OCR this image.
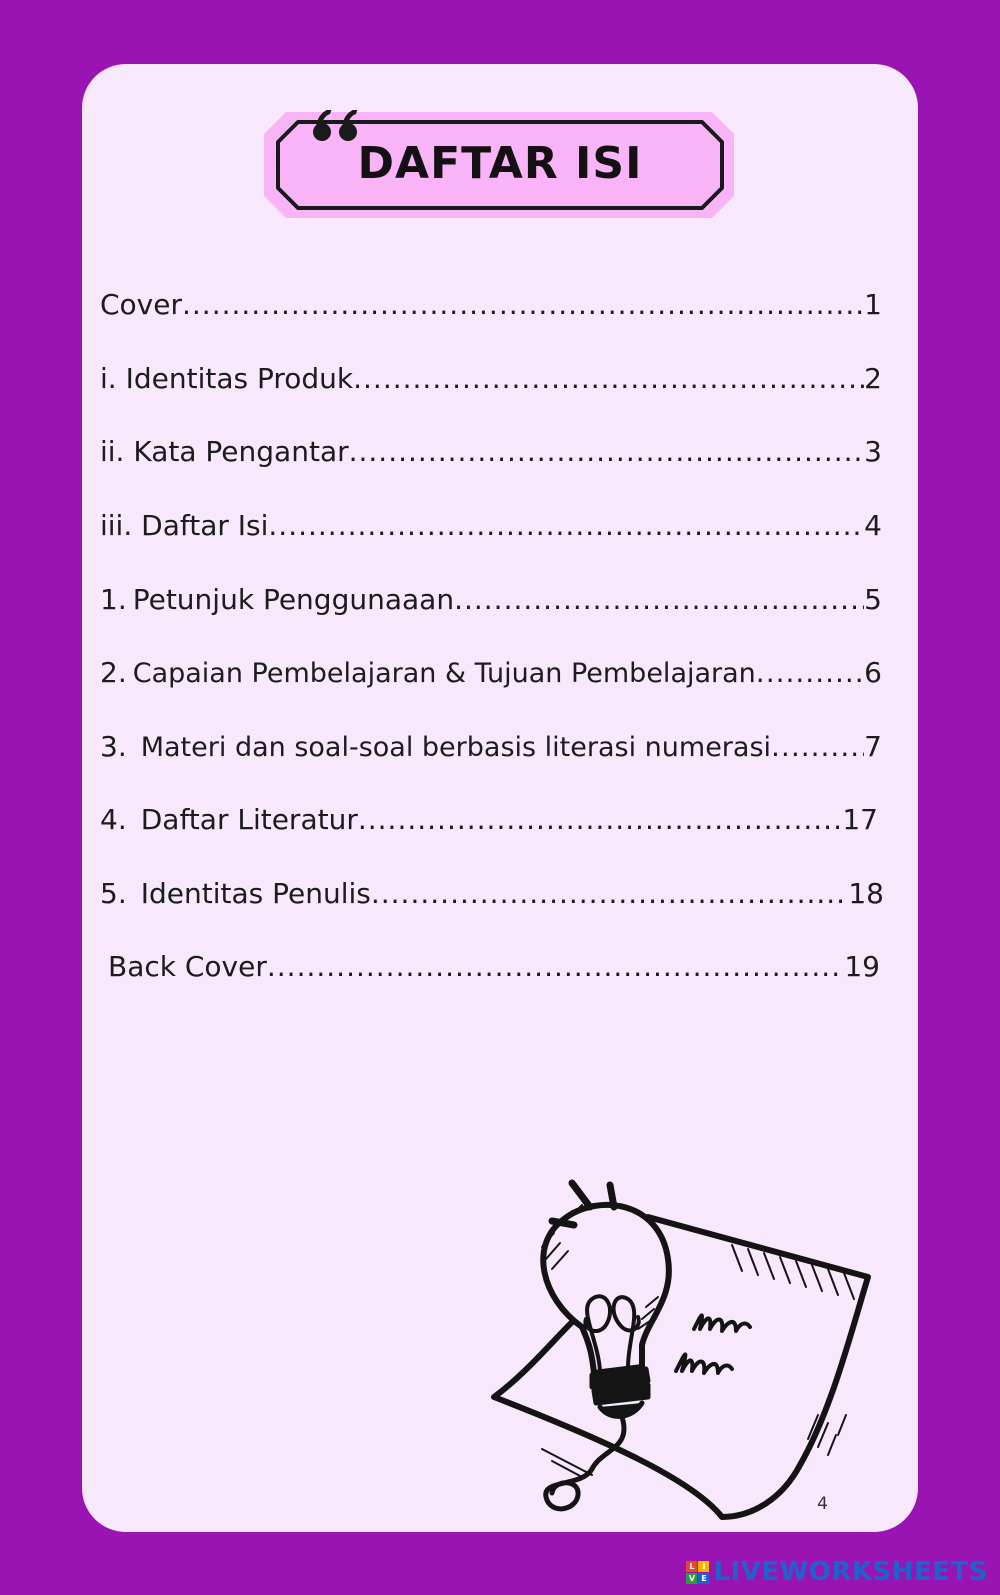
DAFTAR ISI
Cover .....	1
i. Identitas Produk .....	2
ii. Kata Pengantar .....	3
iii. Daftar Isi .....	4
1. Petunjuk Penggunaaan .....	5
2. Capaian Pembelajaran & Tujuan Pembelajaran .....	6
3. Materi dan soal-soal berbasis literasi numerasi .....	7
4. Daftar Literatur .....	17
5. Identitas Penulis .....	18
Back Cover .....	19
4
L I
V E LIVEWORKSHEETS
